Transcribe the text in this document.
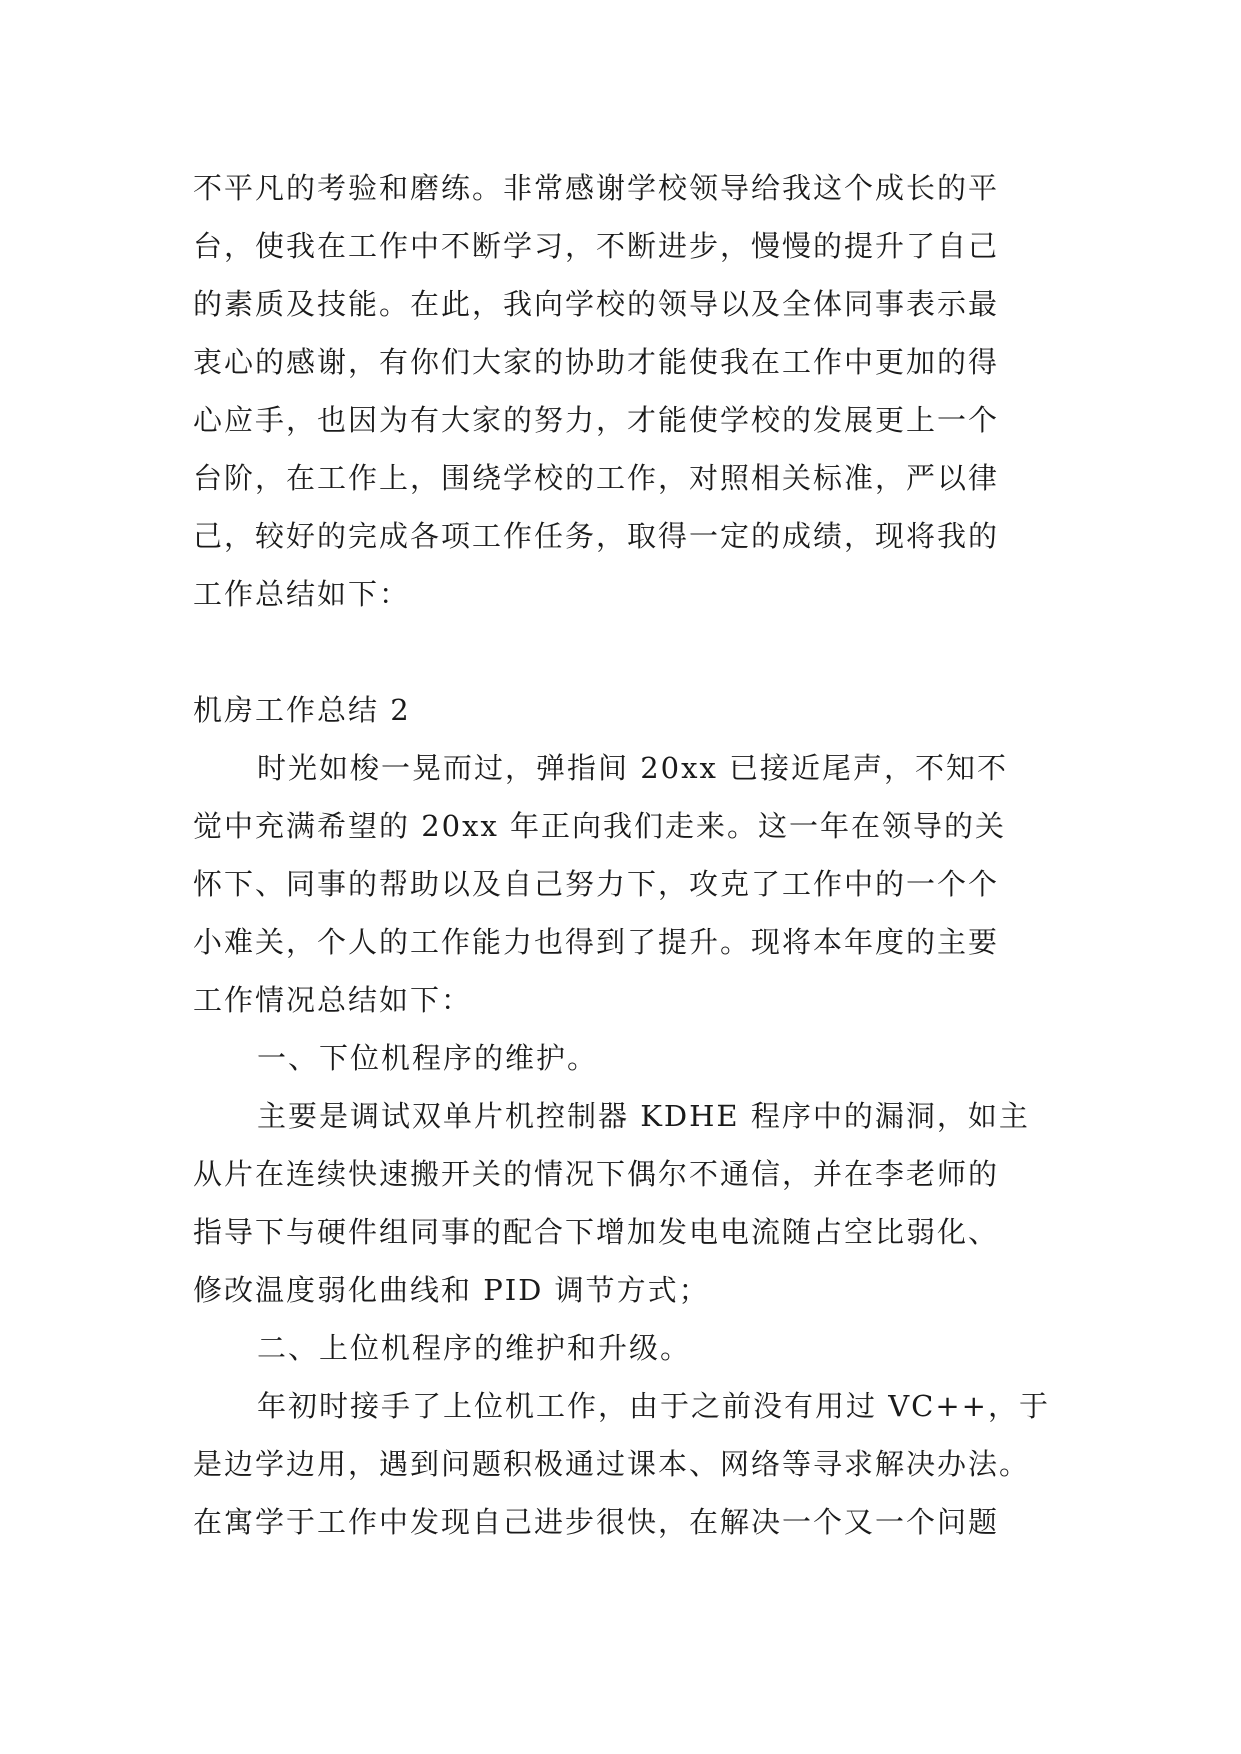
不平凡的考验和磨练。非常感谢学校领导给我这个成长的平
台，使我在工作中不断学习，不断进步，慢慢的提升了自己
的素质及技能。在此，我向学校的领导以及全体同事表示最
衷心的感谢，有你们大家的协助才能使我在工作中更加的得
心应手，也因为有大家的努力，才能使学校的发展更上一个
台阶，在工作上，围绕学校的工作，对照相关标准，严以律
己，较好的完成各项工作任务，取得一定的成绩，现将我的
工作总结如下：
机房工作总结 2
时光如梭一晃而过，弹指间 20xx 已接近尾声，不知不
觉中充满希望的 20xx 年正向我们走来。这一年在领导的关
怀下、同事的帮助以及自己努力下，攻克了工作中的一个个
小难关，个人的工作能力也得到了提升。现将本年度的主要
工作情况总结如下：
一、下位机程序的维护。
主要是调试双单片机控制器 KDHE 程序中的漏洞，如主
从片在连续快速搬开关的情况下偶尔不通信，并在李老师的
指导下与硬件组同事的配合下增加发电电流随占空比弱化、
修改温度弱化曲线和 PID 调节方式；
二、上位机程序的维护和升级。
年初时接手了上位机工作，由于之前没有用过 VC++，于
是边学边用，遇到问题积极通过课本、网络等寻求解决办法。
在寓学于工作中发现自己进步很快，在解决一个又一个问题
